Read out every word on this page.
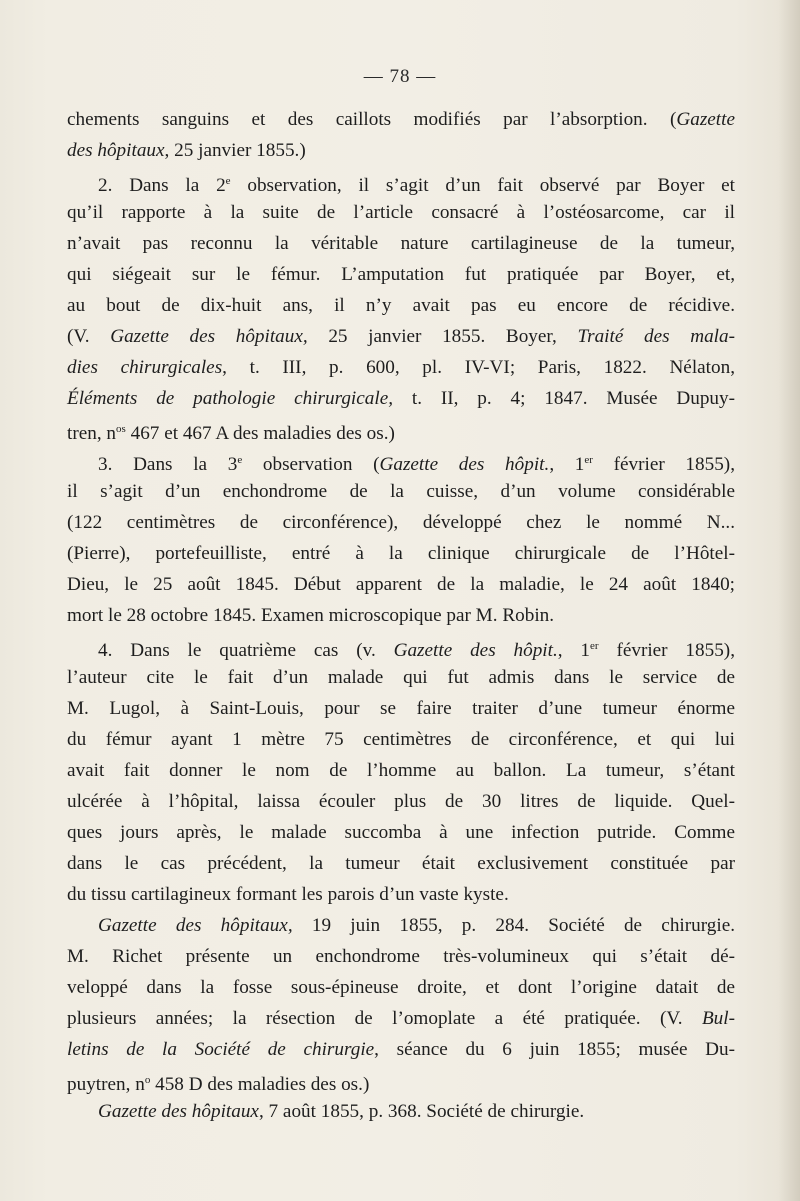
— 78 —
chements sanguins et des caillots modifiés par l’absorption. (Gazette
des hôpitaux, 25 janvier 1855.)
2. Dans la 2e observation, il s’agit d’un fait observé par Boyer et
qu’il rapporte à la suite de l’article consacré à l’ostéosarcome, car il
n’avait pas reconnu la véritable nature cartilagineuse de la tumeur,
qui siégeait sur le fémur. L’amputation fut pratiquée par Boyer, et,
au bout de dix-huit ans, il n’y avait pas eu encore de récidive.
(V. Gazette des hôpitaux, 25 janvier 1855. Boyer, Traité des mala-
dies chirurgicales, t. III, p. 600, pl. IV-VI; Paris, 1822. Nélaton,
Éléments de pathologie chirurgicale, t. II, p. 4; 1847. Musée Dupuy-
tren, $n^{os}$ 467 et 467 A des maladies des os.)
3. Dans la 3e observation (Gazette des hôpit., 1er février 1855),
il s’agit d’un enchondrome de la cuisse, d’un volume considérable
(122 centimètres de circonférence), développé chez le nommé N...
(Pierre), portefeuilliste, entré à la clinique chirurgicale de l’Hôtel-
Dieu, le 25 août 1845. Début apparent de la maladie, le 24 août 1840;
mort le 28 octobre 1845. Examen microscopique par M. Robin.
4. Dans le quatrième cas (v. Gazette des hôpit., 1er février 1855),
l’auteur cite le fait d’un malade qui fut admis dans le service de
M. Lugol, à Saint-Louis, pour se faire traiter d’une tumeur énorme
du fémur ayant 1 mètre 75 centimètres de circonférence, et qui lui
avait fait donner le nom de l’homme au ballon. La tumeur, s’étant
ulcérée à l’hôpital, laissa écouler plus de 30 litres de liquide. Quel-
ques jours après, le malade succomba à une infection putride. Comme
dans le cas précédent, la tumeur était exclusivement constituée par
du tissu cartilagineux formant les parois d’un vaste kyste.
Gazette des hôpitaux, 19 juin 1855, p. 284. Société de chirurgie.
M. Richet présente un enchondrome très-volumineux qui s’était dé-
veloppé dans la fosse sous-épineuse droite, et dont l’origine datait de
plusieurs années; la résection de l’omoplate a été pratiquée. (V. Bul-
letins de la Société de chirurgie, séance du 6 juin 1855; musée Du-
puytren, $n^o$ 458 D des maladies des os.)
Gazette des hôpitaux, 7 août 1855, p. 368. Société de chirurgie.
